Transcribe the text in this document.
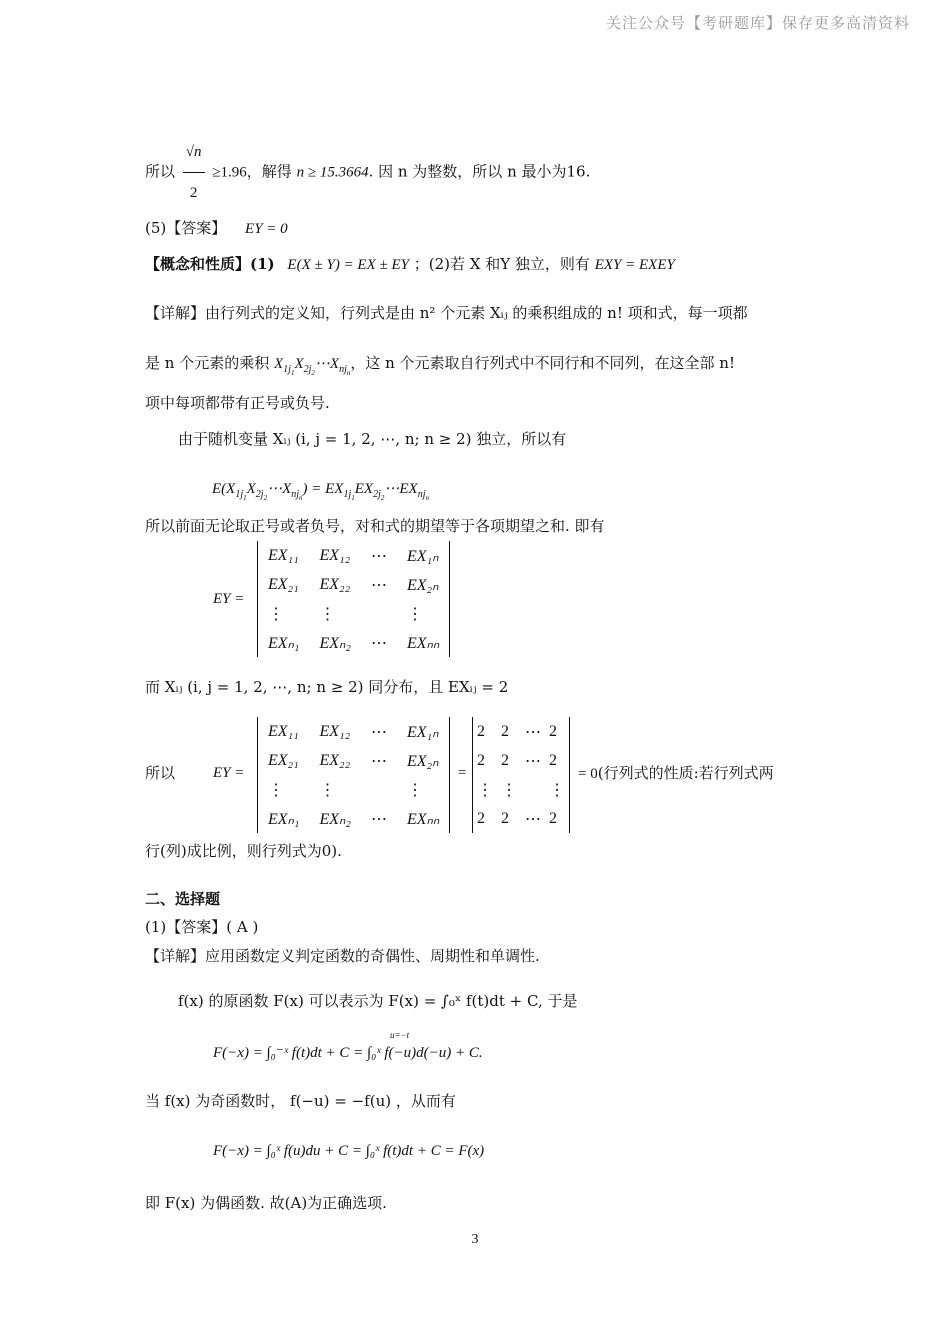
关注公众号【考研题库】保存更多高清资料
所以 $\frac{√n}{2} \ge 1.96$，解得 n ≥ 15.3664. 因 n 为整数，所以 n 最小为16.
(5)【答案】 EY = 0
【概念和性质】(1) E(X ± Y) = EX ± EY ；(2)若 X 和Y 独立，则有 EXY = EXEY
【详解】由行列式的定义知，行列式是由 n² 个元素 Xᵢⱼ 的乘积组成的 n! 项和式，每一项都
是 n 个元素的乘积 $X_{1j_1}X_{2j_2}\cdots X_{nj_n}$，这 n 个元素取自行列式中不同行和不同列，在这全部 n!
项中每项都带有正号或负号.
由于随机变量 Xᵢⱼ (i, j = 1, 2, ⋯, n; n ≥ 2) 独立，所以有
$E(X_{1j_1}X_{2j_2}\cdots X_{nj_n})$ = $EX_{1j_1}EX_{2j_2}\cdots EX_{nj_n}$
所以前面无论取正号或者负号，对和式的期望等于各项期望之和. 即有
EY =
EX₁₁	EX₁₂	⋯	EX₁ₙ
EX₂₁	EX₂₂	⋯	EX₂ₙ
⋮	⋮		⋮
EXₙ₁	EXₙ₂	⋯	EXₙₙ
而 Xᵢⱼ (i, j = 1, 2, ⋯, n; n ≥ 2) 同分布，且 EXᵢⱼ = 2
所以	EY =
EX₁₁	EX₁₂	⋯	EX₁ₙ
EX₂₁	EX₂₂	⋯	EX₂ₙ
⋮	⋮		⋮
EXₙ₁	EXₙ₂	⋯	EXₙₙ
=
2	2	⋯	2
2	2	⋯	2
⋮	⋮		⋮
2	2	⋯	2
= 0(行列式的性质:若行列式两
行(列)成比例，则行列式为0).
二、选择题
(1)【答案】( A )
【详解】应用函数定义判定函数的奇偶性、周期性和单调性.
f(x) 的原函数 F(x) 可以表示为 F(x) = ∫₀ˣ f(t)dt + C, 于是
F(−x) = ∫₀⁻ˣ f(t)dt + C = ∫₀ˣ f(−u)d(−u) + C.
u=−t
当 f(x) 为奇函数时， f(−u) = −f(u) ，从而有
F(−x) = ∫₀ˣ f(u)du + C = ∫₀ˣ f(t)dt + C = F(x)
即 F(x) 为偶函数. 故(A)为正确选项.
3
